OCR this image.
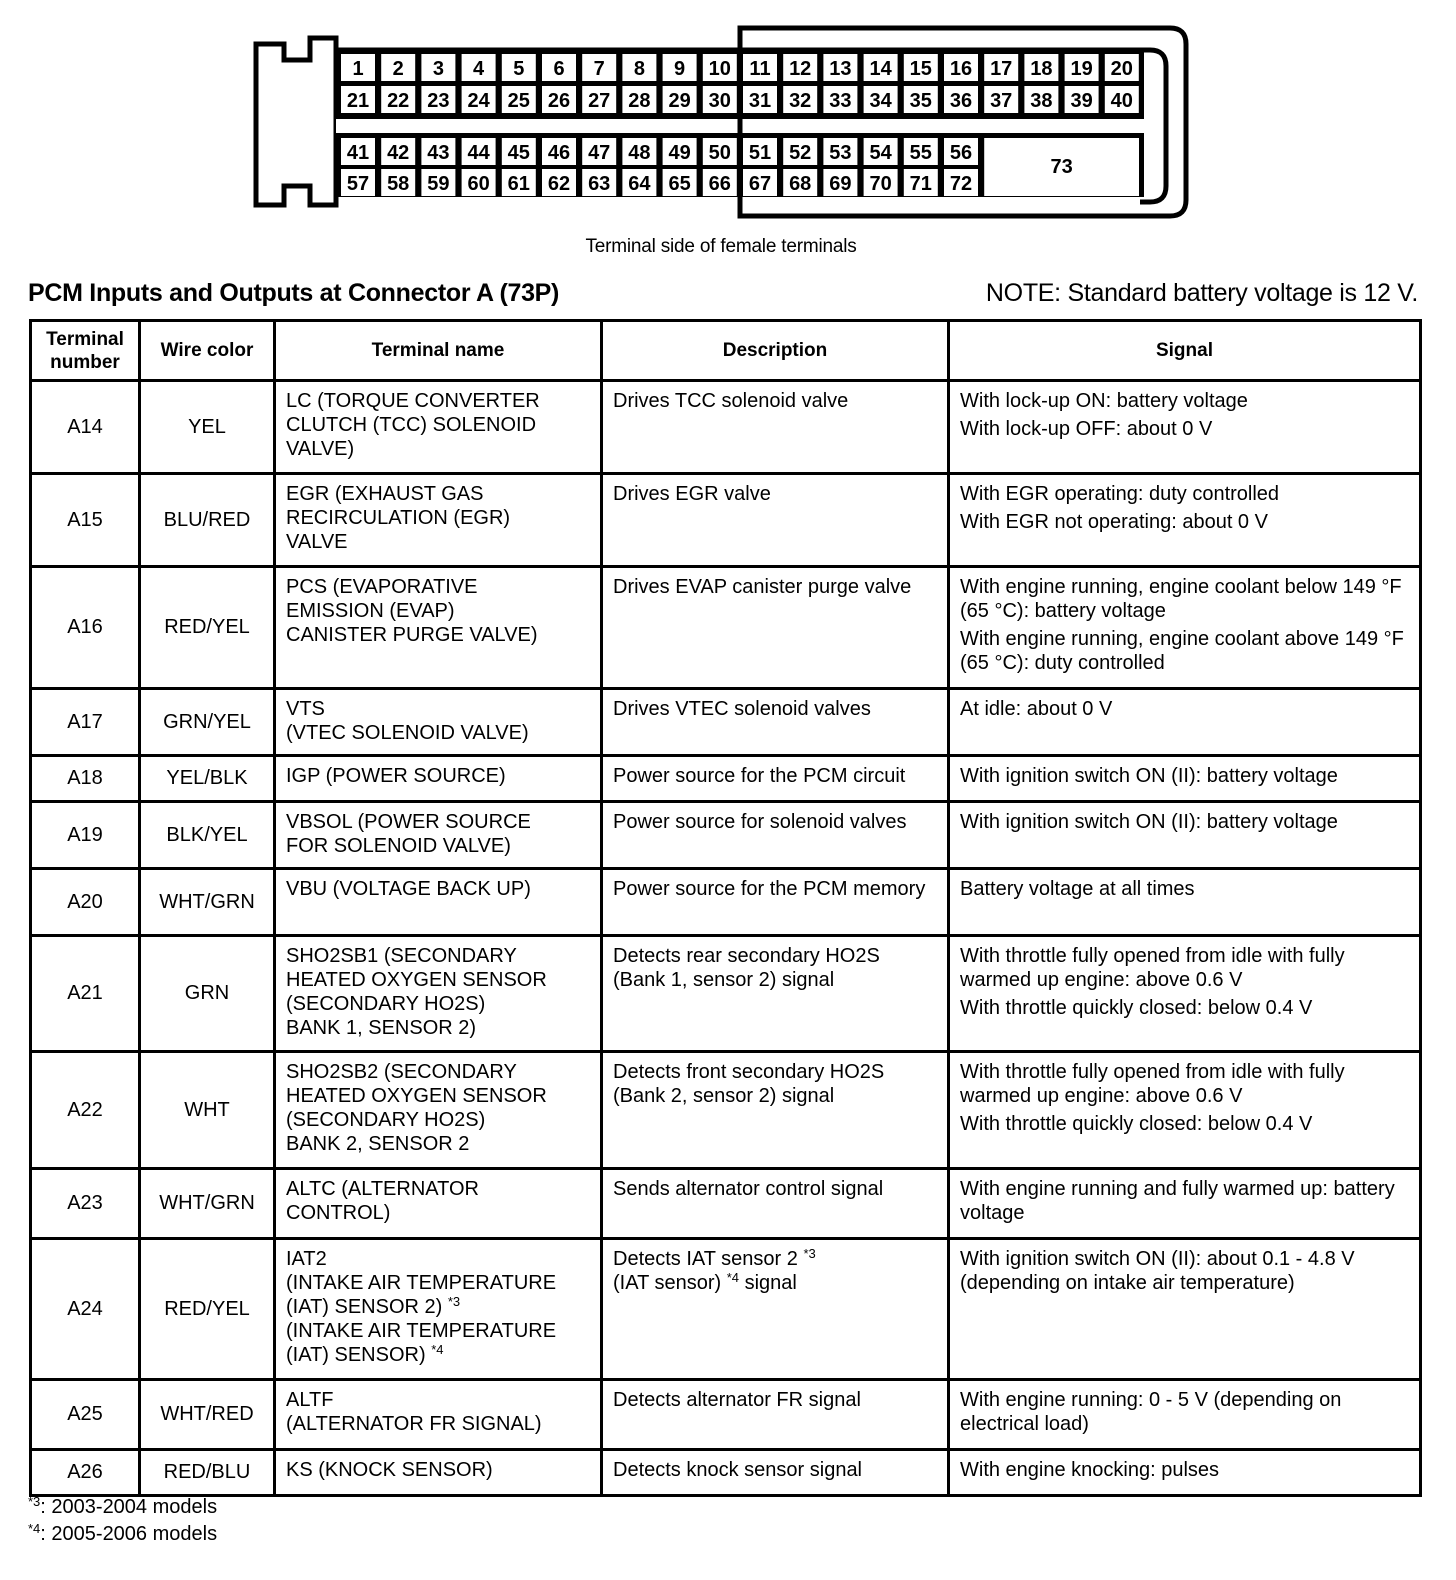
1 2 3 4 5 6 7 8 9 10 11 12 13 14 15 16 17 18 19 20
21 22 23 24 25 26 27 28 29 30 31 32 33 34 35 36 37 38 39 40
41 42 43 44 45 46 47 48 49 50 51 52 53 54 55 56
57 58 59 60 61 62 63 64 65 66 67 68 69 70 71 72
73
Terminal side of female terminals
PCM Inputs and Outputs at Connector A (73P)	NOTE: Standard battery voltage is 12 V.
Terminal number	Wire color	Terminal name	Description	Signal
A14	YEL	LC (TORQUE CONVERTER
CLUTCH (TCC) SOLENOID
VALVE)	Drives TCC solenoid valve	With lock-up ON: battery voltage
With lock-up OFF: about 0 V

A15	BLU/RED	EGR (EXHAUST GAS
RECIRCULATION (EGR)
VALVE	Drives EGR valve	With EGR operating: duty controlled
With EGR not operating: about 0 V

A16	RED/YEL	PCS (EVAPORATIVE
EMISSION (EVAP)
CANISTER PURGE VALVE)	Drives EVAP canister purge valve	With engine running, engine coolant below 149 °F (65 °C): battery voltage
With engine running, engine coolant above 149 °F (65 °C): duty controlled

A17	GRN/YEL	VTS
(VTEC SOLENOID VALVE)	Drives VTEC solenoid valves	At idle: about 0 V

A18	YEL/BLK	IGP (POWER SOURCE)	Power source for the PCM circuit	With ignition switch ON (II): battery voltage

A19	BLK/YEL	VBSOL (POWER SOURCE
FOR SOLENOID VALVE)	Power source for solenoid valves	With ignition switch ON (II): battery voltage

A20	WHT/GRN	VBU (VOLTAGE BACK UP)	Power source for the PCM memory	Battery voltage at all times

A21	GRN	SHO2SB1 (SECONDARY
HEATED OXYGEN SENSOR
(SECONDARY HO2S)
BANK 1, SENSOR 2)	Detects rear secondary HO2S (Bank 1, sensor 2) signal	With throttle fully opened from idle with fully warmed up engine: above 0.6 V
With throttle quickly closed: below 0.4 V

A22	WHT	SHO2SB2 (SECONDARY
HEATED OXYGEN SENSOR
(SECONDARY HO2S)
BANK 2, SENSOR 2	Detects front secondary HO2S (Bank 2, sensor 2) signal	With throttle fully opened from idle with fully warmed up engine: above 0.6 V
With throttle quickly closed: below 0.4 V

A23	WHT/GRN	ALTC (ALTERNATOR
CONTROL)	Sends alternator control signal	With engine running and fully warmed up: battery voltage

A24	RED/YEL	IAT2
(INTAKE AIR TEMPERATURE
(IAT) SENSOR 2) $^{*3}$
(INTAKE AIR TEMPERATURE
(IAT) SENSOR) $^{*4}$	Detects IAT sensor 2 $^{*3}$
(IAT sensor) $^{*4}$ signal	With ignition switch ON (II): about 0.1 - 4.8 V (depending on intake air temperature)

A25	WHT/RED	ALTF
(ALTERNATOR FR SIGNAL)	Detects alternator FR signal	With engine running: 0 - 5 V (depending on electrical load)

A26	RED/BLU	KS (KNOCK SENSOR)	Detects knock sensor signal	With engine knocking: pulses
$^{*3}$: 2003-2004 models
$^{*4}$: 2005-2006 models
